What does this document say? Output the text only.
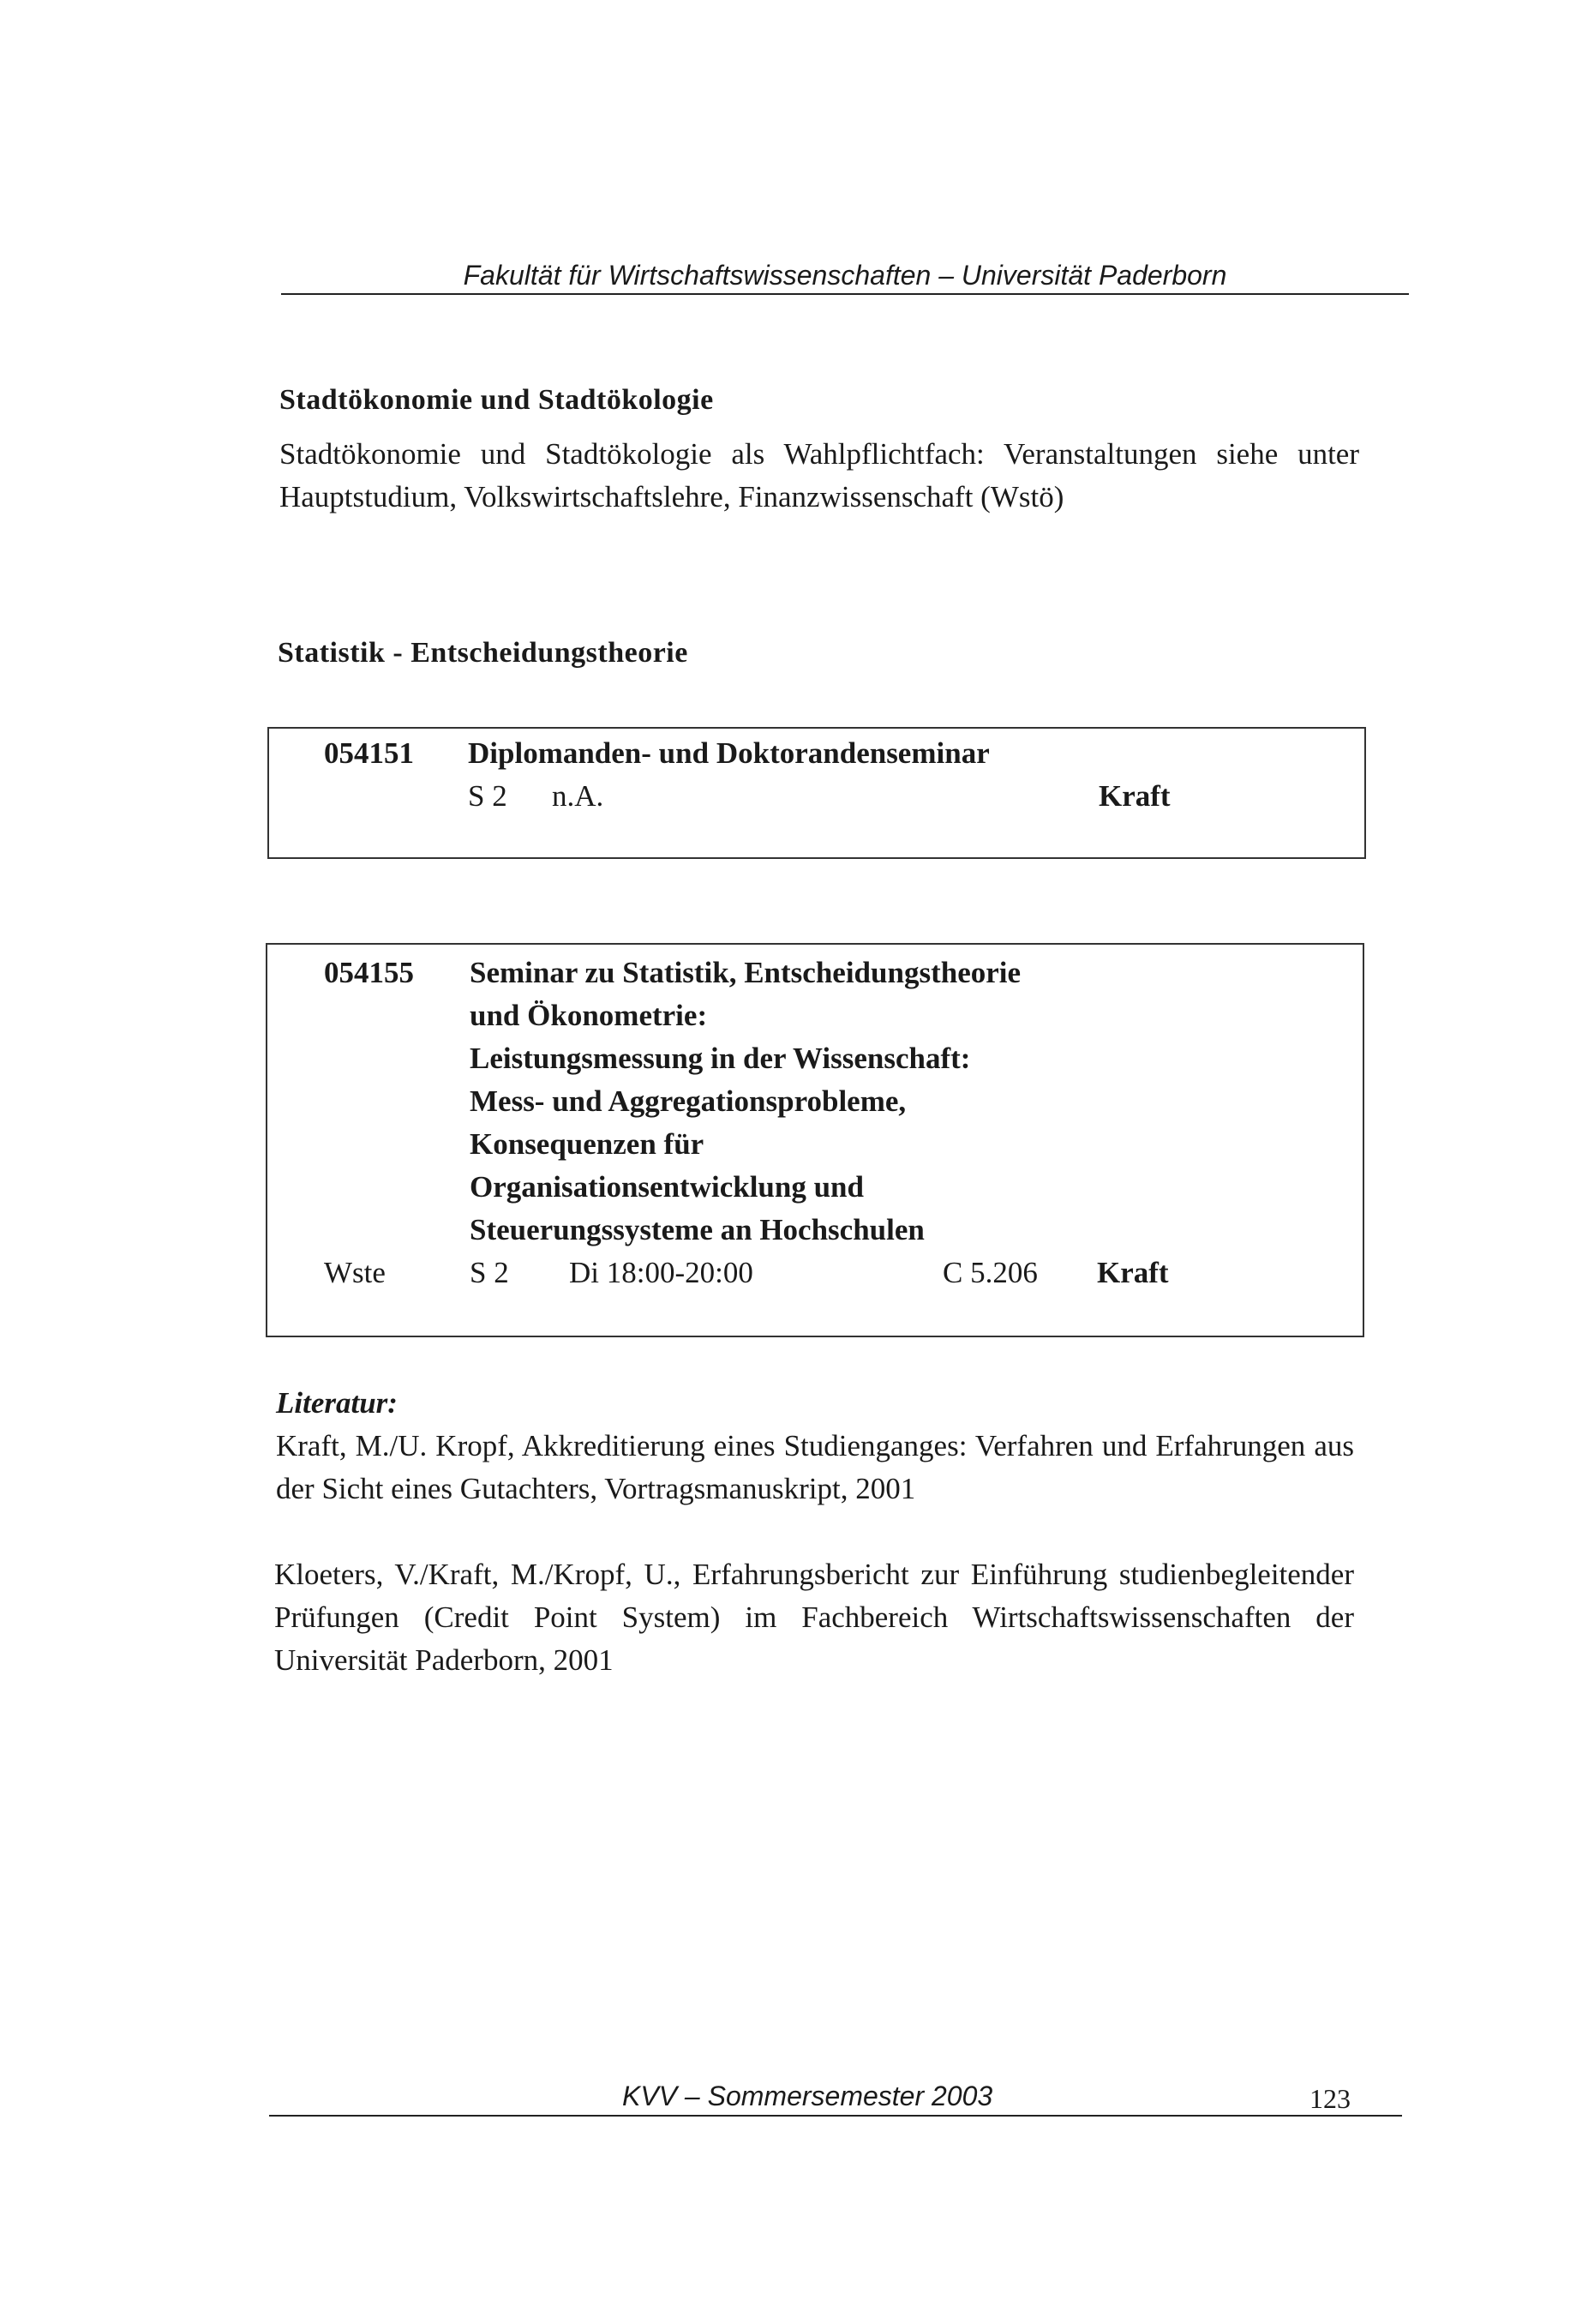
Fakultät für Wirtschaftswissenschaften – Universität Paderborn
Stadtökonomie und Stadtökologie
Stadtökonomie und Stadtökologie als Wahlpflichtfach: Veranstaltungen siehe unter Hauptstudium, Volkswirtschaftslehre, Finanzwissenschaft (Wstö)
Statistik - Entscheidungstheorie
054151 Diplomanden- und Doktorandenseminar
S 2 n.A.	Kraft
054155 Seminar zu Statistik, Entscheidungstheorie
und Ökonometrie:
Leistungsmessung in der Wissenschaft:
Mess- und Aggregationsprobleme,
Konsequenzen für
Organisationsentwicklung und
Steuerungssysteme an Hochschulen
Wste	S 2 Di 18:00-20:00	C 5.206 Kraft
Literatur:
Kraft, M./U. Kropf, Akkreditierung eines Studienganges: Verfahren und Erfahrungen aus der Sicht eines Gutachters, Vortragsmanuskript, 2001
Kloeters, V./Kraft, M./Kropf, U., Erfahrungsbericht zur Einführung studienbegleitender Prüfungen (Credit Point System) im Fachbereich Wirtschaftswissenschaften der Universität Paderborn, 2001
KVV – Sommersemester 2003	123
